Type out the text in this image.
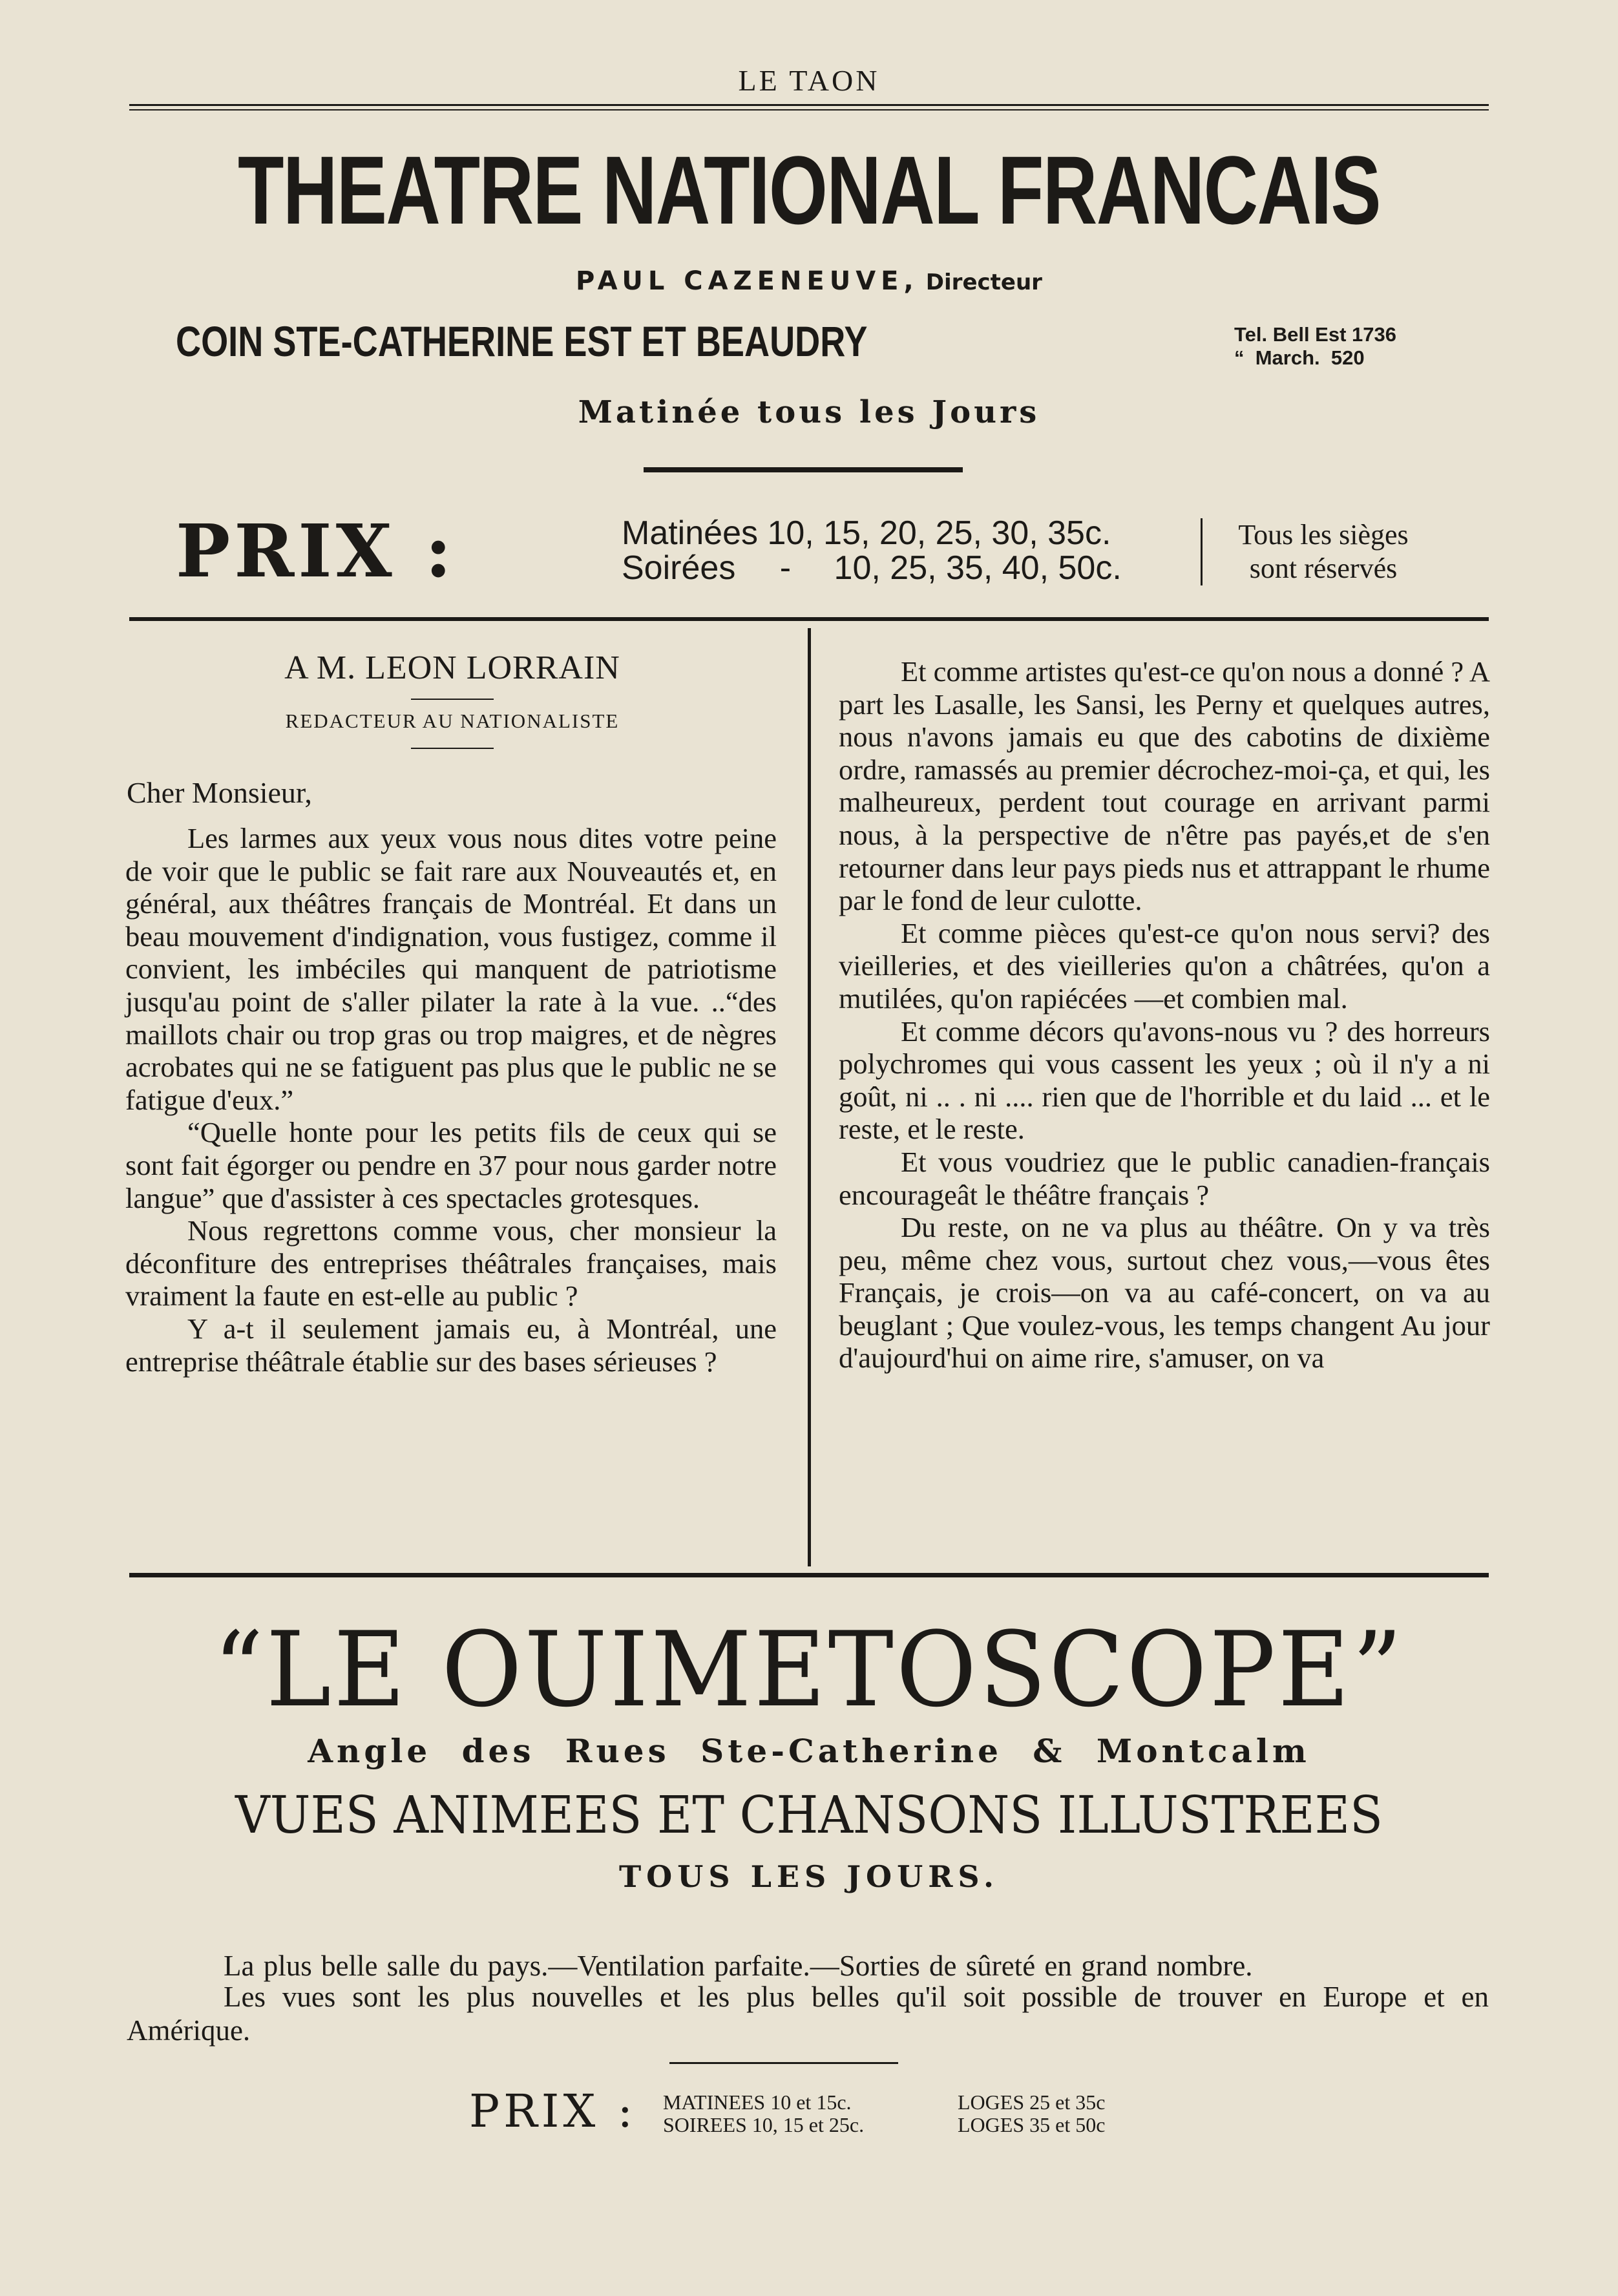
LE TAON
THEATRE NATIONAL FRANCAIS
PAUL CAZENEUVE, Directeur
COIN STE-CATHERINE EST ET BEAUDRY	Tel. Bell Est 1736
“  March.  520
Matinée tous les Jours
PRIX :	Matinées 10, 15, 20, 25, 30, 35c.
Soirées - 10, 25, 35, 40, 50c.
Tous les sièges
sont réservés
A M. LEON LORRAIN
REDACTEUR AU NATIONALISTE
Cher Monsieur,

Les larmes aux yeux vous nous dites votre peine de voir que le public se fait rare aux Nouveautés et, en général, aux théâtres français de Montréal. Et dans un beau mouvement d'indignation, vous fustigez, comme il convient, les imbéciles qui manquent de patriotisme jusqu'au point de s'aller pilater la rate à la vue. ..“des maillots chair ou trop gras ou trop maigres, et de nègres acrobates qui ne se fatiguent pas plus que le public ne se fatigue d'eux.”

“Quelle honte pour les petits fils de ceux qui se sont fait égorger ou pendre en 37 pour nous garder notre langue” que d'assister à ces spectacles grotesques.

Nous regrettons comme vous, cher monsieur la déconfiture des entreprises théâtrales françaises, mais vraiment la faute en est-elle au public ?

Y a-t il seulement jamais eu, à Montréal, une entreprise théâtrale établie sur des bases sérieuses ?

Et comme artistes qu'est-ce qu'on nous a donné ? A part les Lasalle, les Sansi, les Perny et quelques autres, nous n'avons jamais eu que des cabotins de dixième ordre, ramassés au premier décrochez-moi-ça, et qui, les malheureux, perdent tout courage en arrivant parmi nous, à la perspective de n'être pas payés,et de s'en retourner dans leur pays pieds nus et attrappant le rhume par le fond de leur culotte.

Et comme pièces qu'est-ce qu'on nous servi? des vieilleries, et des vieilleries qu'on a châtrées, qu'on a mutilées, qu'on rapiécées —et combien mal.

Et comme décors qu'avons-nous vu ? des horreurs polychromes qui vous cassent les yeux ; où il n'y a ni goût, ni .. . ni .... rien que de l'horrible et du laid ... et le reste, et le reste.

Et vous voudriez que le public canadien-français encourageât le théâtre français ?

Du reste, on ne va plus au théâtre. On y va très peu, même chez vous, surtout chez vous,—vous êtes Français, je crois—on va au café-concert, on va au beuglant ; Que voulez-vous, les temps changent Au jour d'aujourd'hui on aime rire, s'amuser, on va

“LE OUIMETOSCOPE”
Angle des Rues Ste-Catherine & Montcalm
VUES ANIMEES ET CHANSONS ILLUSTREES
TOUS LES JOURS.
La plus belle salle du pays.—Ventilation parfaite.—Sorties de sûreté en grand nombre.
Les vues sont les plus nouvelles et les plus belles qu'il soit possible de trouver en Europe et en Amérique.
PRIX : MATINEES 10 et 15c.
SOIREES 10, 15 et 25c.
LOGES 25 et 35c
LOGES 35 et 50c
